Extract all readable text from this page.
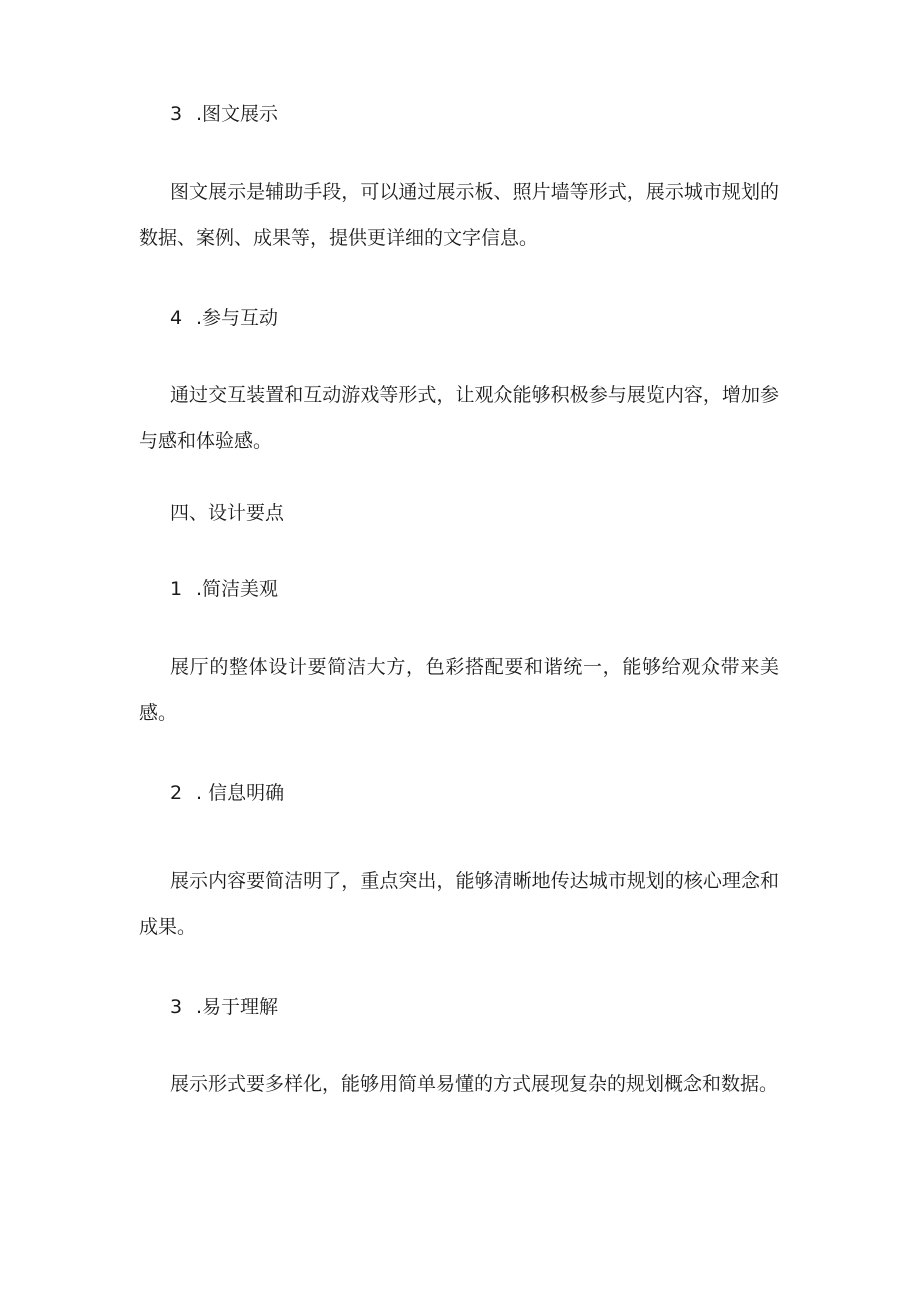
3 .图文展示

图文展示是辅助手段，可以通过展示板、照片墙等形式，展示城市规划的数据、案例、成果等，提供更详细的文字信息。

4 .参与互动

通过交互装置和互动游戏等形式，让观众能够积极参与展览内容，增加参与感和体验感。

四、设计要点
1 .简洁美观

展厅的整体设计要简洁大方，色彩搭配要和谐统一，能够给观众带来美感。

2 . 信息明确

展示内容要简洁明了，重点突出，能够清晰地传达城市规划的核心理念和成果。

3 .易于理解

展示形式要多样化，能够用简单易懂的方式展现复杂的规划概念和数据。
